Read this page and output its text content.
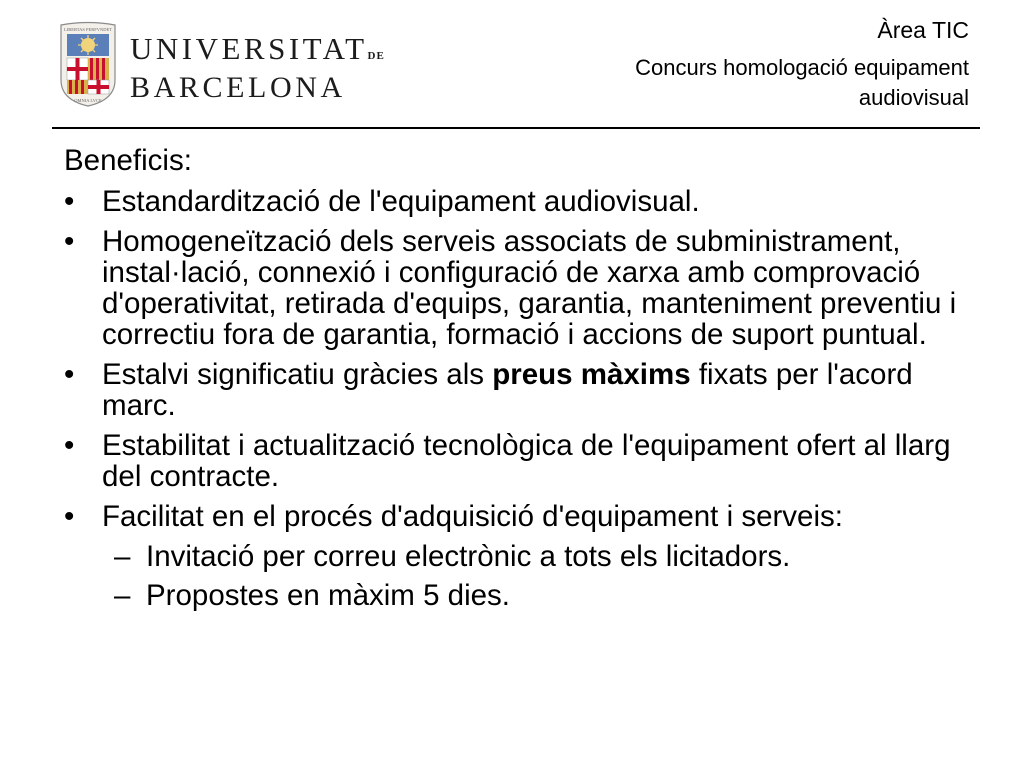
LIBERTAS PERFVNDET
OMNIA LVCE
UNIVERSITATDE
BARCELONA
Àrea TIC
Concurs homologació equipament
audiovisual
Beneficis:
• Estandardització de l'equipament audiovisual.
• Homogeneïtzació dels serveis associats de subministrament, instal·lació, connexió i configuració de xarxa amb comprovació d'operativitat, retirada d'equips, garantia, manteniment preventiu i correctiu fora de garantia, formació i accions de suport puntual.
• Estalvi significatiu gràcies als preus màxims fixats per l'acord marc.
• Estabilitat i actualització tecnològica de l'equipament ofert al llarg del contracte.
• Facilitat en el procés d'adquisició d'equipament i serveis:
– Invitació per correu electrònic a tots els licitadors.
– Propostes en màxim 5 dies.
